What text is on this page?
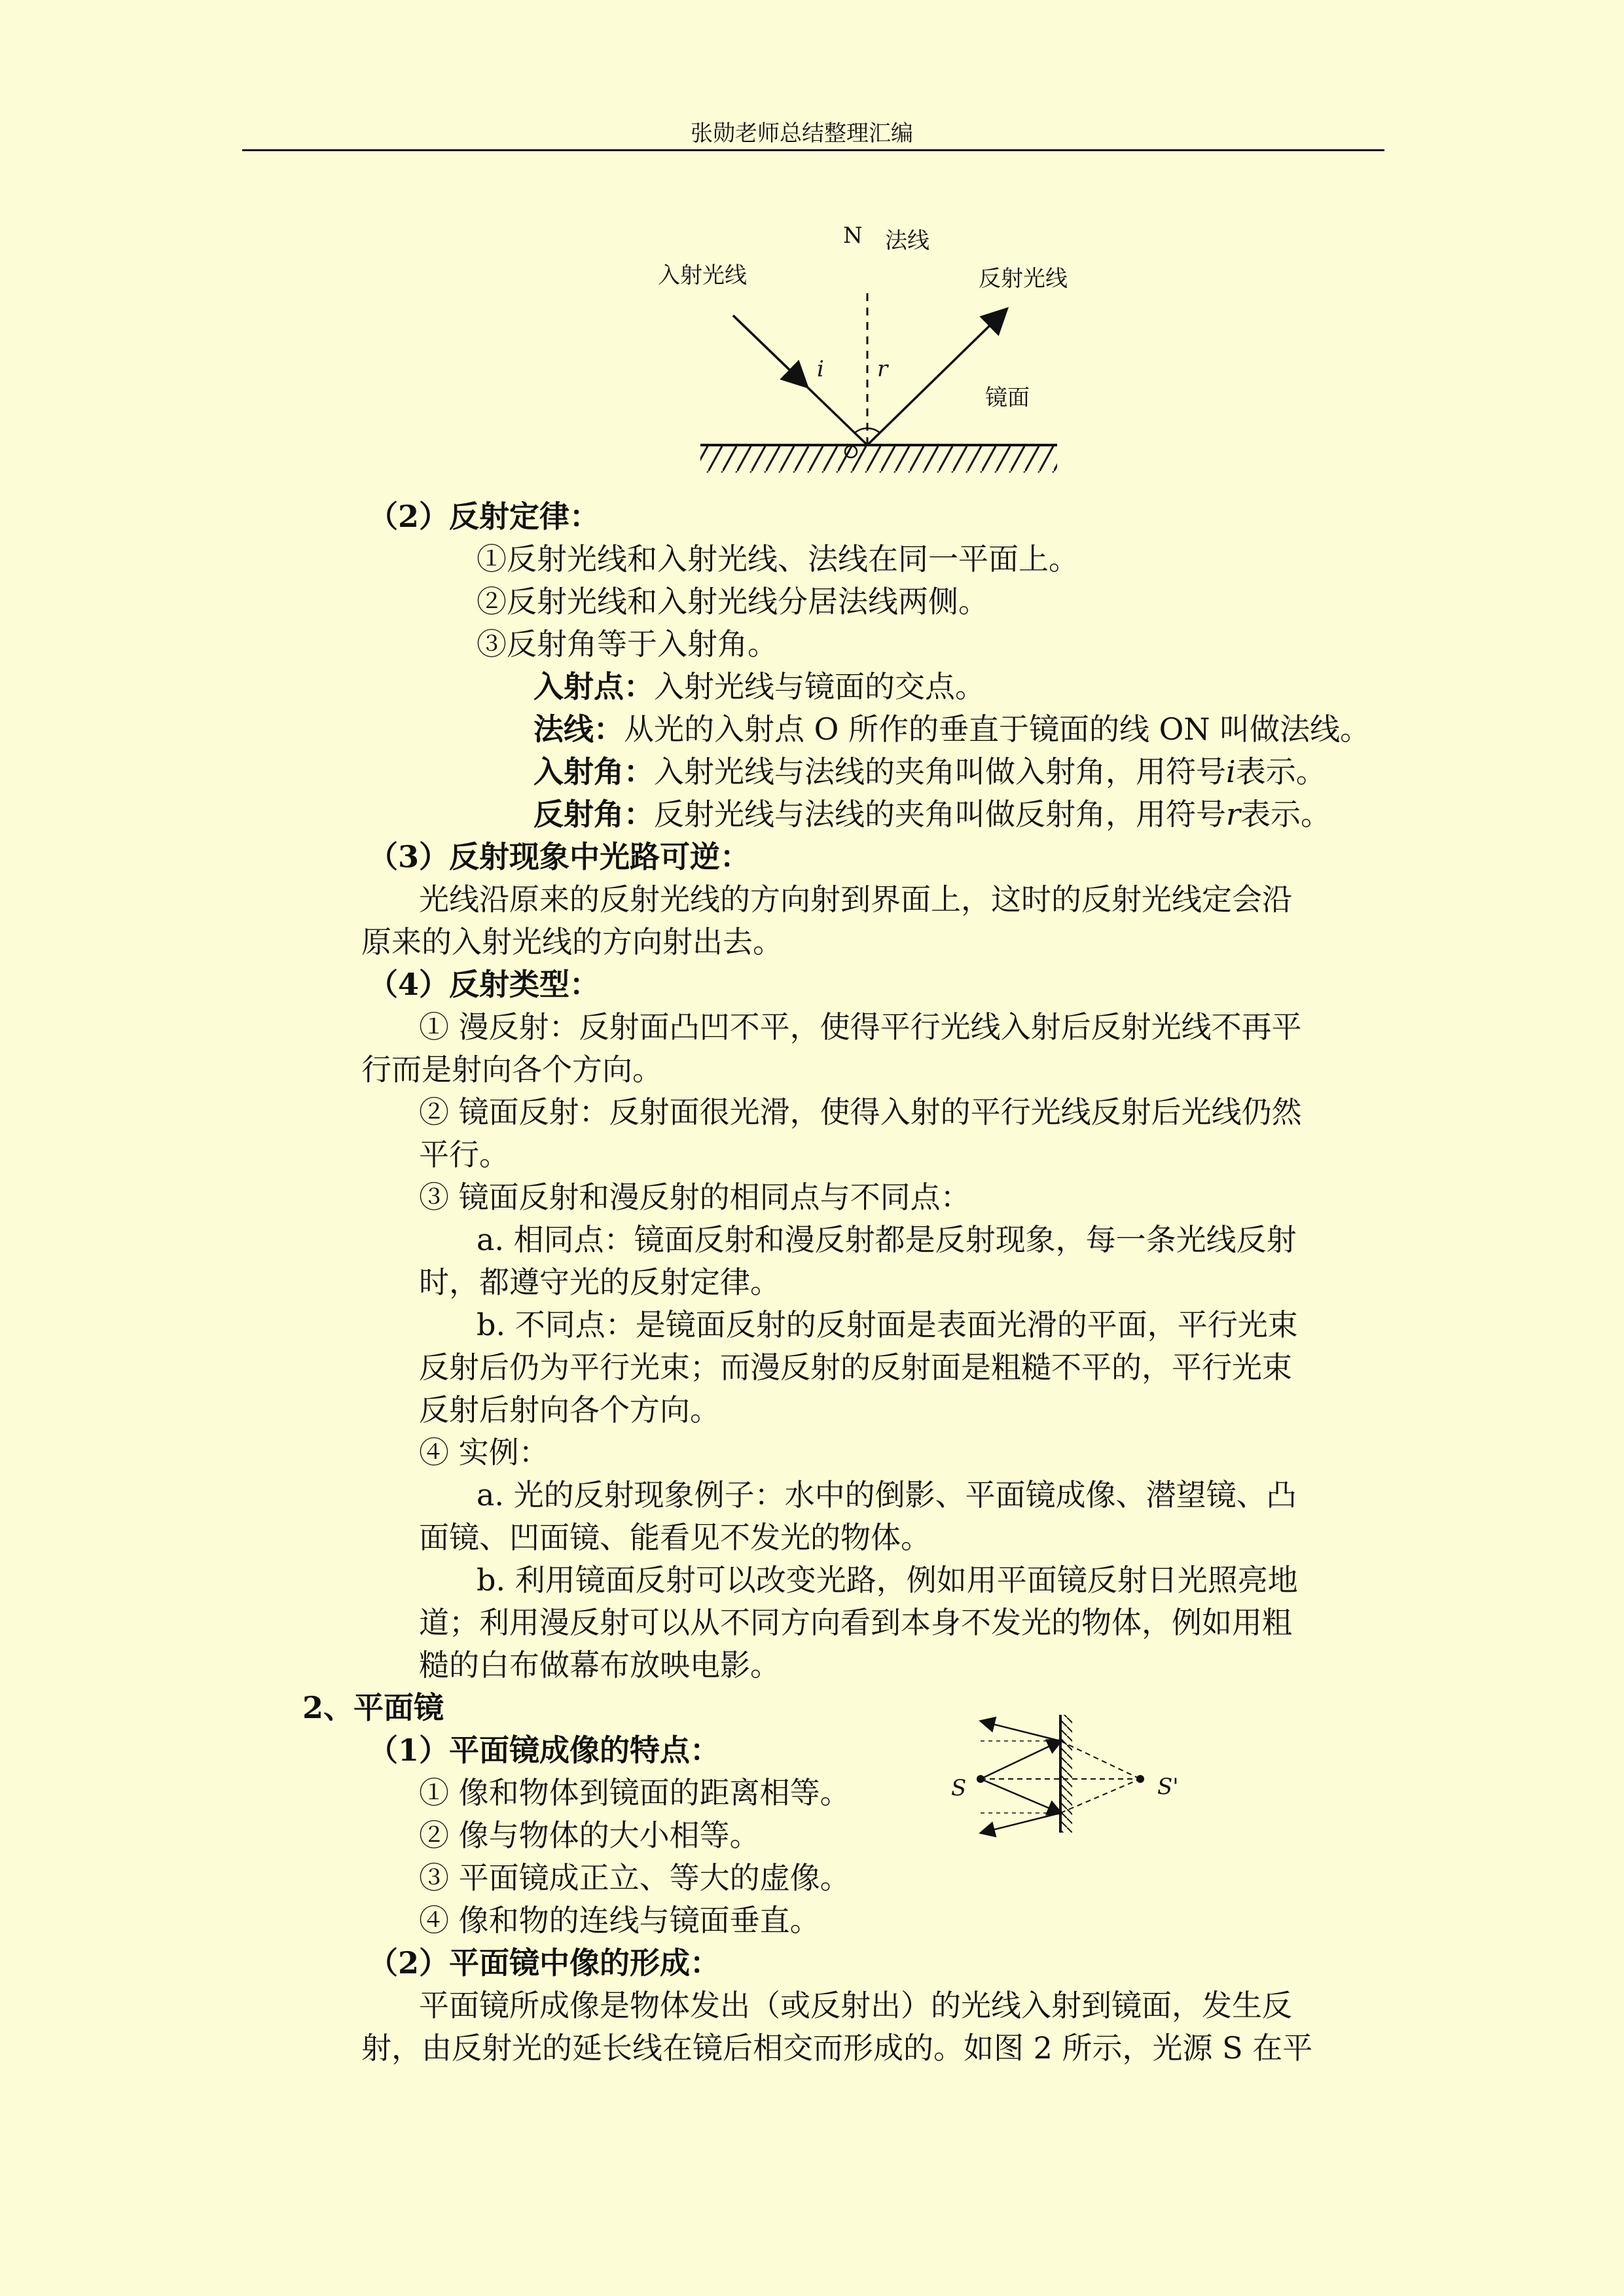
张勋老师总结整理汇编
N 法线
入射光线	反射光线
镜面
i r
（2）反射定律：
①反射光线和入射光线、法线在同一平面上。
②反射光线和入射光线分居法线两侧。
③反射角等于入射角。
入射点：入射光线与镜面的交点。
法线：从光的入射点 O 所作的垂直于镜面的线 ON 叫做法线。
入射角：入射光线与法线的夹角叫做入射角，用符号i表示。
反射角：反射光线与法线的夹角叫做反射角，用符号r表示。
（3）反射现象中光路可逆：
光线沿原来的反射光线的方向射到界面上，这时的反射光线定会沿
原来的入射光线的方向射出去。
（4）反射类型：
① 漫反射：反射面凸凹不平，使得平行光线入射后反射光线不再平
行而是射向各个方向。
② 镜面反射：反射面很光滑，使得入射的平行光线反射后光线仍然
平行。
③ 镜面反射和漫反射的相同点与不同点：
a. 相同点：镜面反射和漫反射都是反射现象，每一条光线反射
时，都遵守光的反射定律。
b. 不同点：是镜面反射的反射面是表面光滑的平面，平行光束
反射后仍为平行光束；而漫反射的反射面是粗糙不平的，平行光束
反射后射向各个方向。
④ 实例：
a. 光的反射现象例子：水中的倒影、平面镜成像、潜望镜、凸
面镜、凹面镜、能看见不发光的物体。
b. 利用镜面反射可以改变光路，例如用平面镜反射日光照亮地
道；利用漫反射可以从不同方向看到本身不发光的物体，例如用粗
糙的白布做幕布放映电影。
2、平面镜
（1）平面镜成像的特点：
① 像和物体到镜面的距离相等。
② 像与物体的大小相等。
③ 平面镜成正立、等大的虚像。
④ 像和物的连线与镜面垂直。
（2）平面镜中像的形成：
平面镜所成像是物体发出（或反射出）的光线入射到镜面，发生反
射，由反射光的延长线在镜后相交而形成的。如图 2 所示，光源 S 在平
S	S'
